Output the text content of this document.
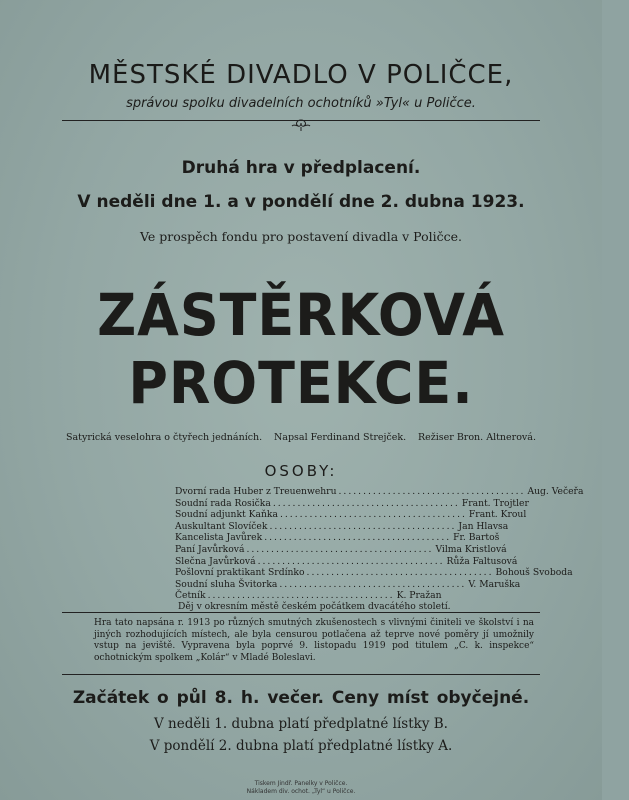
MĚSTSKÉ DIVADLO V POLIČCE,
správou spolku divadelních ochotníků »Tyl« u Poličce.
Druhá hra v předplacení.
V neděli dne 1. a v pondělí dne 2. dubna 1923.
Ve prospěch fondu pro postavení divadla v Poličce.
ZÁSTĚRKOVÁ
PROTEKCE.
Satyrická veselohra o čtyřech jednáních. Napsal Ferdinand Strejček. Režiser Bron. Altnerová.
OSOBY:
Dvorní rada Huber z Treuenwehru ...................................... Aug. Večeřa
Soudní rada Rosička ...................................... Frant. Trojtler
Soudní adjunkt Kaňka ...................................... Frant. Kroul
Auskultant Slovíček ...................................... Jan Hlavsa
Kancelista Javůrek ...................................... Fr. Bartoš
Paní Javůrková ...................................... Vilma Kristlová
Slečna Javůrková ...................................... Růža Faltusová
Pošlovní praktikant Srdínko ...................................... Bohouš Svoboda
Soudní sluha Švitorka ...................................... V. Maruška
Četník ...................................... K. Pražan
Děj v okresním městě českém počátkem dvacátého století.
Hra tato napsána r. 1913 po různých smutných zkušenostech s vlivnými činiteli ve školství i na jiných rozhodujících místech, ale byla censurou potlačena až teprve nové poměry jí umožnily vstup na jeviště. Vypravena byla poprvé 9. listopadu 1919 pod titulem „C. k. inspekce“ ochotnickým spolkem „Kolár“ v Mladé Boleslavi.
Začátek o půl 8. h. večer. Ceny míst obyčejné.
V neděli 1. dubna platí předplatné lístky B.
V pondělí 2. dubna platí předplatné lístky A.
Tiskem Jindř. Panelky v Poličce.
Nákladem div. ochot. „Tyl“ u Poličce.
